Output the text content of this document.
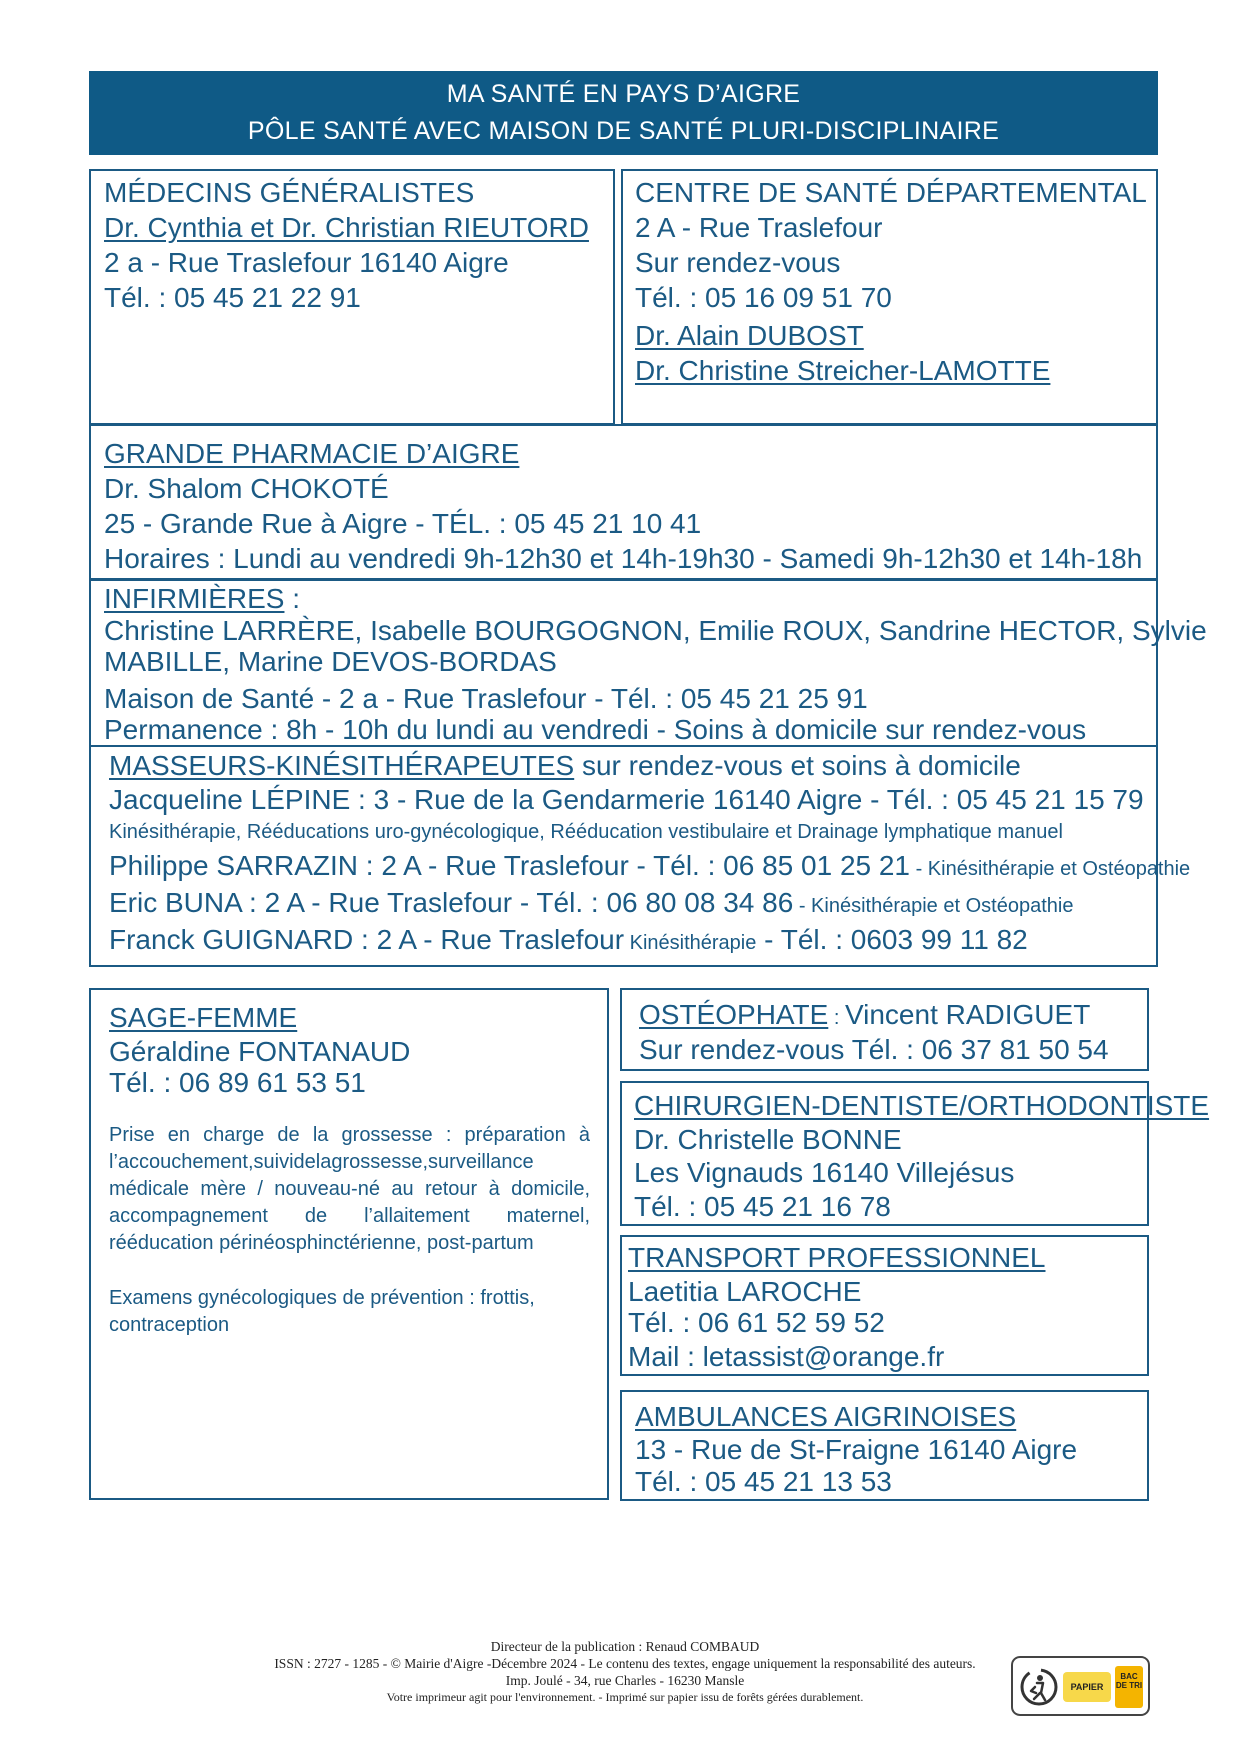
MA SANTÉ EN PAYS D’AIGRE
PÔLE SANTÉ AVEC MAISON DE SANTÉ PLURI-DISCIPLINAIRE
MÉDECINS GÉNÉRALISTES
Dr. Cynthia et Dr. Christian RIEUTORD
2 a - Rue Traslefour 16140 Aigre
Tél. : 05 45 21 22 91
CENTRE DE SANTÉ DÉPARTEMENTAL
2 A - Rue Traslefour
Sur rendez-vous
Tél. : 05 16 09 51 70
Dr. Alain DUBOST
Dr. Christine Streicher-LAMOTTE
GRANDE PHARMACIE D’AIGRE
Dr. Shalom CHOKOTÉ
25 - Grande Rue à Aigre - TÉL. : 05 45 21 10 41
Horaires : Lundi au vendredi 9h-12h30 et 14h-19h30 - Samedi 9h-12h30 et 14h-18h
INFIRMIÈRES :
Christine LARRÈRE, Isabelle BOURGOGNON, Emilie ROUX, Sandrine HECTOR, Sylvie
MABILLE, Marine DEVOS-BORDAS
Maison de Santé - 2 a - Rue Traslefour - Tél. : 05 45 21 25 91
Permanence : 8h - 10h du lundi au vendredi - Soins à domicile sur rendez-vous
MASSEURS-KINÉSITHÉRAPEUTES sur rendez-vous et soins à domicile
Jacqueline LÉPINE : 3 - Rue de la Gendarmerie 16140 Aigre - Tél. : 05 45 21 15 79
Kinésithérapie, Rééducations uro-gynécologique, Rééducation vestibulaire et Drainage lymphatique manuel
Philippe SARRAZIN : 2 A - Rue Traslefour - Tél. : 06 85 01 25 21 - Kinésithérapie et Ostéopathie
Eric BUNA : 2 A - Rue Traslefour - Tél. : 06 80 08 34 86 - Kinésithérapie et Ostéopathie
Franck GUIGNARD : 2 A - Rue Traslefour Kinésithérapie - Tél. : 0603 99 11 82
SAGE-FEMME
Géraldine FONTANAUD
Tél. : 06 89 61 53 51
Prise en charge de la grossesse : préparation à l’accouchement,suividelagrossesse,surveillance médicale mère / nouveau-né au retour à domicile, accompagnement de l’allaitement maternel, rééducation périnéosphinctérienne, post-partum
Examens gynécologiques de prévention : frottis, contraception
OSTÉOPHATE : Vincent RADIGUET
Sur rendez-vous Tél. : 06 37 81 50 54
CHIRURGIEN-DENTISTE/ORTHODONTISTE
Dr. Christelle BONNE
Les Vignauds 16140 Villejésus
Tél. : 05 45 21 16 78
TRANSPORT PROFESSIONNEL
Laetitia LAROCHE
Tél. : 06 61 52 59 52
Mail : letassist@orange.fr
AMBULANCES AIGRINOISES
13 - Rue de St-Fraigne 16140 Aigre
Tél. : 05 45 21 13 53
Directeur de la publication : Renaud COMBAUD
ISSN : 2727 - 1285 - © Mairie d'Aigre -Décembre 2024 - Le contenu des textes, engage uniquement la responsabilité des auteurs.
Imp. Joulé - 34, rue Charles - 16230 Mansle
Votre imprimeur agit pour l'environnement. - Imprimé sur papier issu de forêts gérées durablement.
PAPIER
BAC DE TRI
